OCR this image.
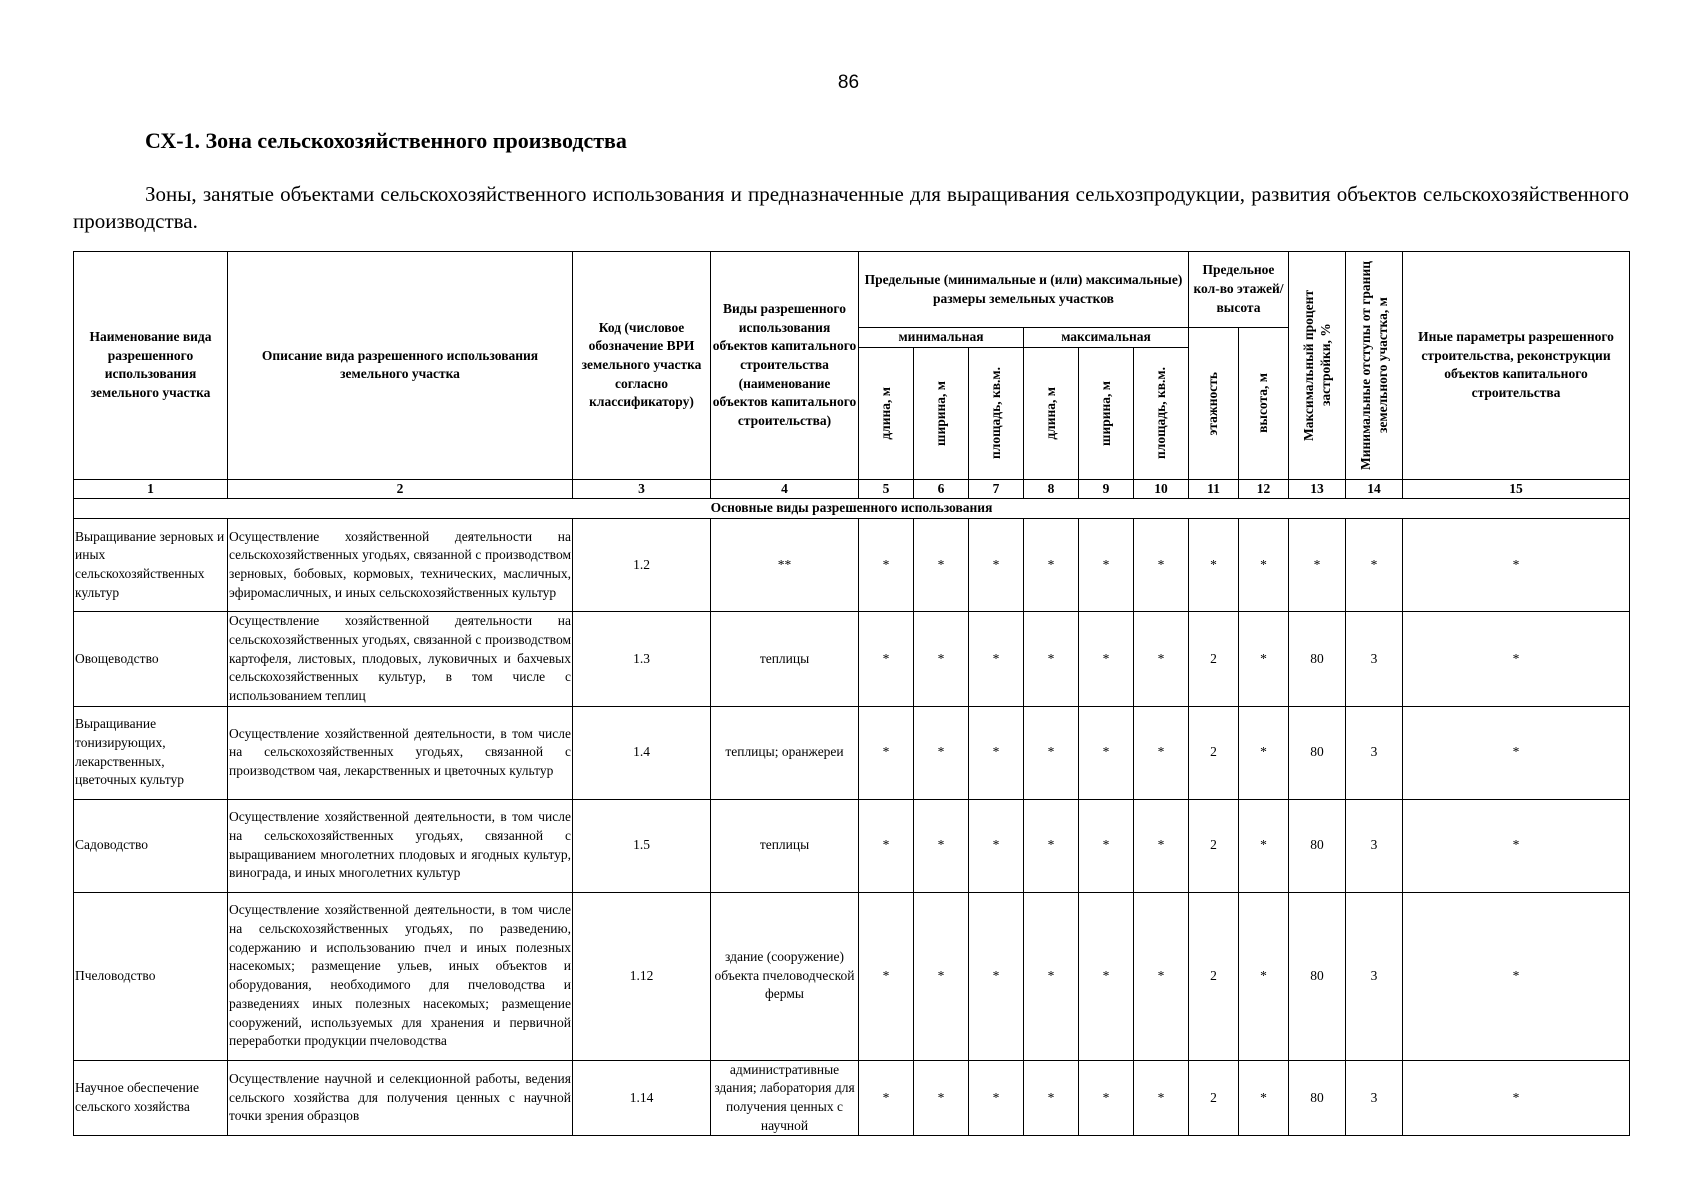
86
СХ-1. Зона сельскохозяйственного производства
Зоны, занятые объектами сельскохозяйственного использования и предназначенные для выращивания сельхозпродукции, развития объектов сельскохозяйственного производства.
Наименование вида разрешенного использования земельного участка	Описание вида разрешенного использования земельного участка	Код (числовое обозначение ВРИ земельного участка согласно классификатору)	Виды разрешенного использования объектов капитального строительства (наименование объектов капитального строительства)	Предельные (минимальные и (или) максимальные) размеры земельных участков						Предельное кол-во этажей/ высота		Максимальный процент застройки, %	Минимальные отступы от границ земельного участка, м	Иные параметры разрешенного строительства, реконструкции объектов капитального строительства
				минимальная			максимальная			этажность	высота, м			

				длина, м	ширина, м	площадь, кв.м.	длина, м	ширина, м	площадь, кв.м.					

1	2	3	4	5	6	7	8	9	10	11	12	13	14	15
Основные виды разрешенного использования														
Выращивание зерновых и иных сельскохозяйственных культур	Осуществление хозяйственной деятельности на сельскохозяйственных угодьях, связанной с производством зерновых, бобовых, кормовых, технических, масличных, эфиромасличных, и иных сельскохозяйственных культур	1.2	**	*	*	*	*	*	*	*	*	*	*	*
Овощеводство	Осуществление хозяйственной деятельности на сельскохозяйственных угодьях, связанной с производством картофеля, листовых, плодовых, луковичных и бахчевых сельскохозяйственных культур, в том числе с использованием теплиц	1.3	теплицы	*	*	*	*	*	*	2	*	80	3	*
Выращивание тонизирующих, лекарственных, цветочных культур	Осуществление хозяйственной деятельности, в том числе на сельскохозяйственных угодьях, связанной с производством чая, лекарственных и цветочных культур	1.4	теплицы; оранжереи	*	*	*	*	*	*	2	*	80	3	*
Садоводство	Осуществление хозяйственной деятельности, в том числе на сельскохозяйственных угодьях, связанной с выращиванием многолетних плодовых и ягодных культур, винограда, и иных многолетних культур	1.5	теплицы	*	*	*	*	*	*	2	*	80	3	*
Пчеловодство	Осуществление хозяйственной деятельности, в том числе на сельскохозяйственных угодьях, по разведению, содержанию и использованию пчел и иных полезных насекомых; размещение ульев, иных объектов и оборудования, необходимого для пчеловодства и разведениях иных полезных насекомых; размещение сооружений, используемых для хранения и первичной переработки продукции пчеловодства	1.12	здание (сооружение) объекта пчеловодческой фермы	*	*	*	*	*	*	2	*	80	3	*
Научное обеспечение сельского хозяйства	Осуществление научной и селекционной работы, ведения сельского хозяйства для получения ценных с научной точки зрения образцов	1.14	административные здания; лаборатория для получения ценных с научной	*	*	*	*	*	*	2	*	80	3	*
